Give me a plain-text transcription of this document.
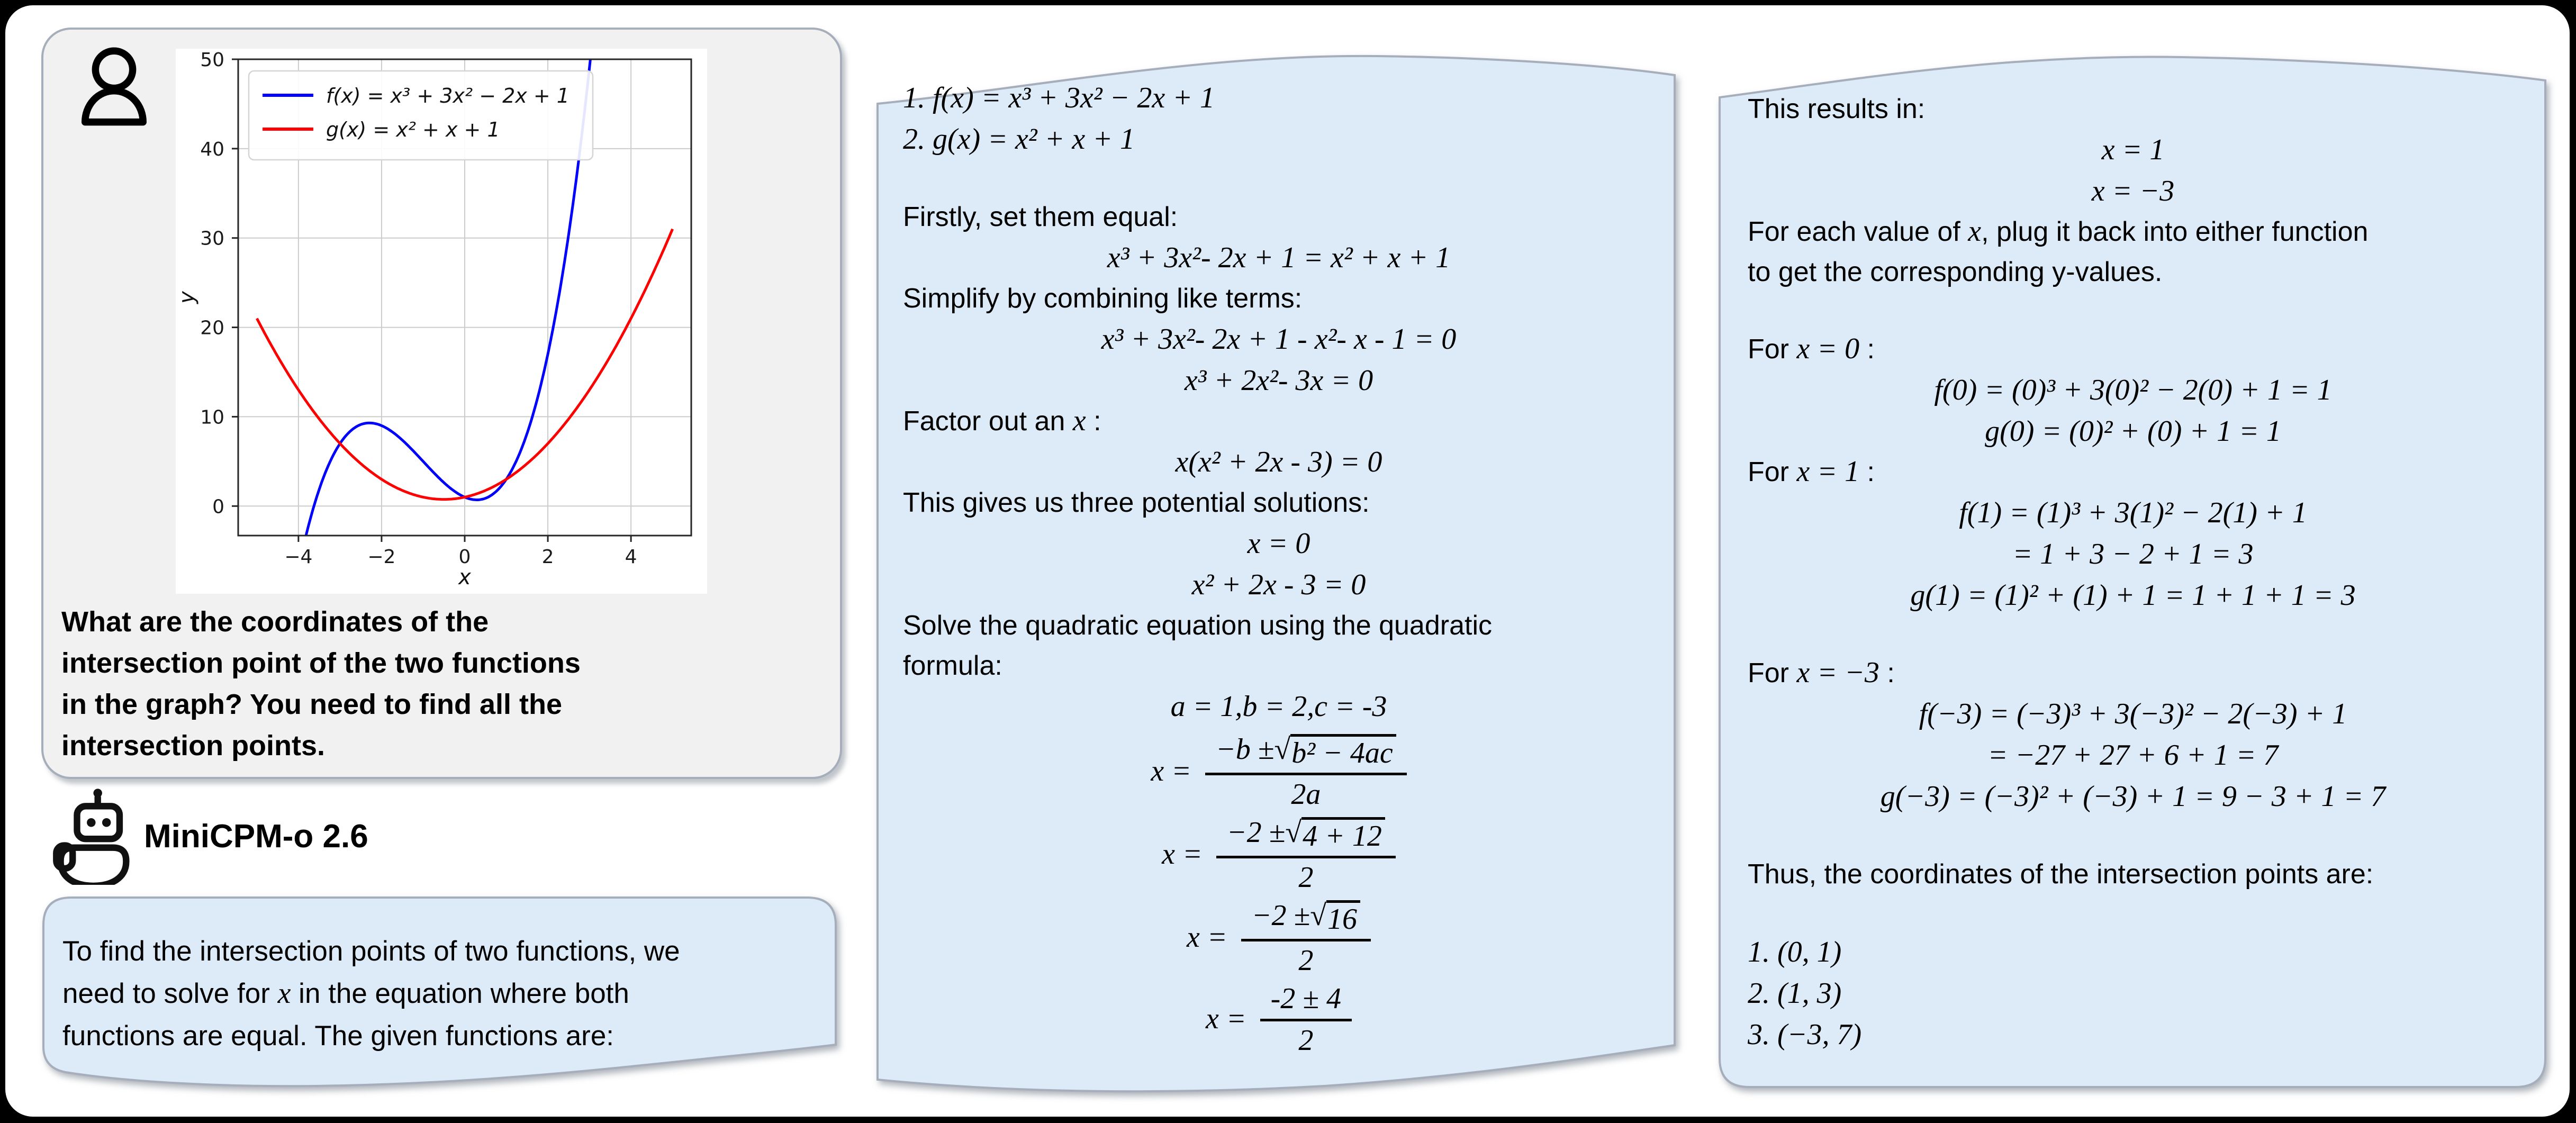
−4	−2	0	2	4
0
10
20
30
40
50
x
y
f(x) = x³ + 3x² − 2x + 1
g(x) = x² + x + 1
What are the coordinates of the
intersection point of the two functions
in the graph? You need to find all the
intersection points.
MiniCPM-o 2.6
To find the intersection points of two functions, we
need to solve for x in the equation where both
functions are equal. The given functions are:
1. f(x) = x³ + 3x² − 2x + 1
2. g(x) = x² + x + 1
Firstly, set them equal:
x³ + 3x²- 2x + 1 = x² + x + 1
Simplify by combining like terms:
x³ + 3x²- 2x + 1 - x²- x - 1 = 0
x³ + 2x²- 3x = 0
Factor out an x :
x(x² + 2x - 3) = 0
This gives us three potential solutions:
x = 0
x² + 2x - 3 = 0
Solve the quadratic equation using the quadratic
formula:
a = 1,b = 2,c = -3
$x = \frac{\text{−b ± √ b² − 4ac}}{2a}$
$x = \frac{-2 \pm √ 4 + 12}{2}$
$x = \frac{-2 \pm √ 16}{2}$
$x = \frac{-2 \pm 4}{2}$
This results in:
x = 1
x = −3
For each value of x, plug it back into either function
to get the corresponding y-values.
For x = 0 :
f(0) = (0)³ + 3(0)² − 2(0) + 1 = 1
g(0) = (0)² + (0) + 1 = 1
For x = 1 :
f(1) = (1)³ + 3(1)² − 2(1) + 1
= 1 + 3 − 2 + 1 = 3
g(1) = (1)² + (1) + 1 = 1 + 1 + 1 = 3
For x = −3 :
f(−3) = (−3)³ + 3(−3)² − 2(−3) + 1
= −27 + 27 + 6 + 1 = 7
g(−3) = (−3)² + (−3) + 1 = 9 − 3 + 1 = 7
Thus, the coordinates of the intersection points are:
1. (0, 1)
2. (1, 3)
3. (−3, 7)
